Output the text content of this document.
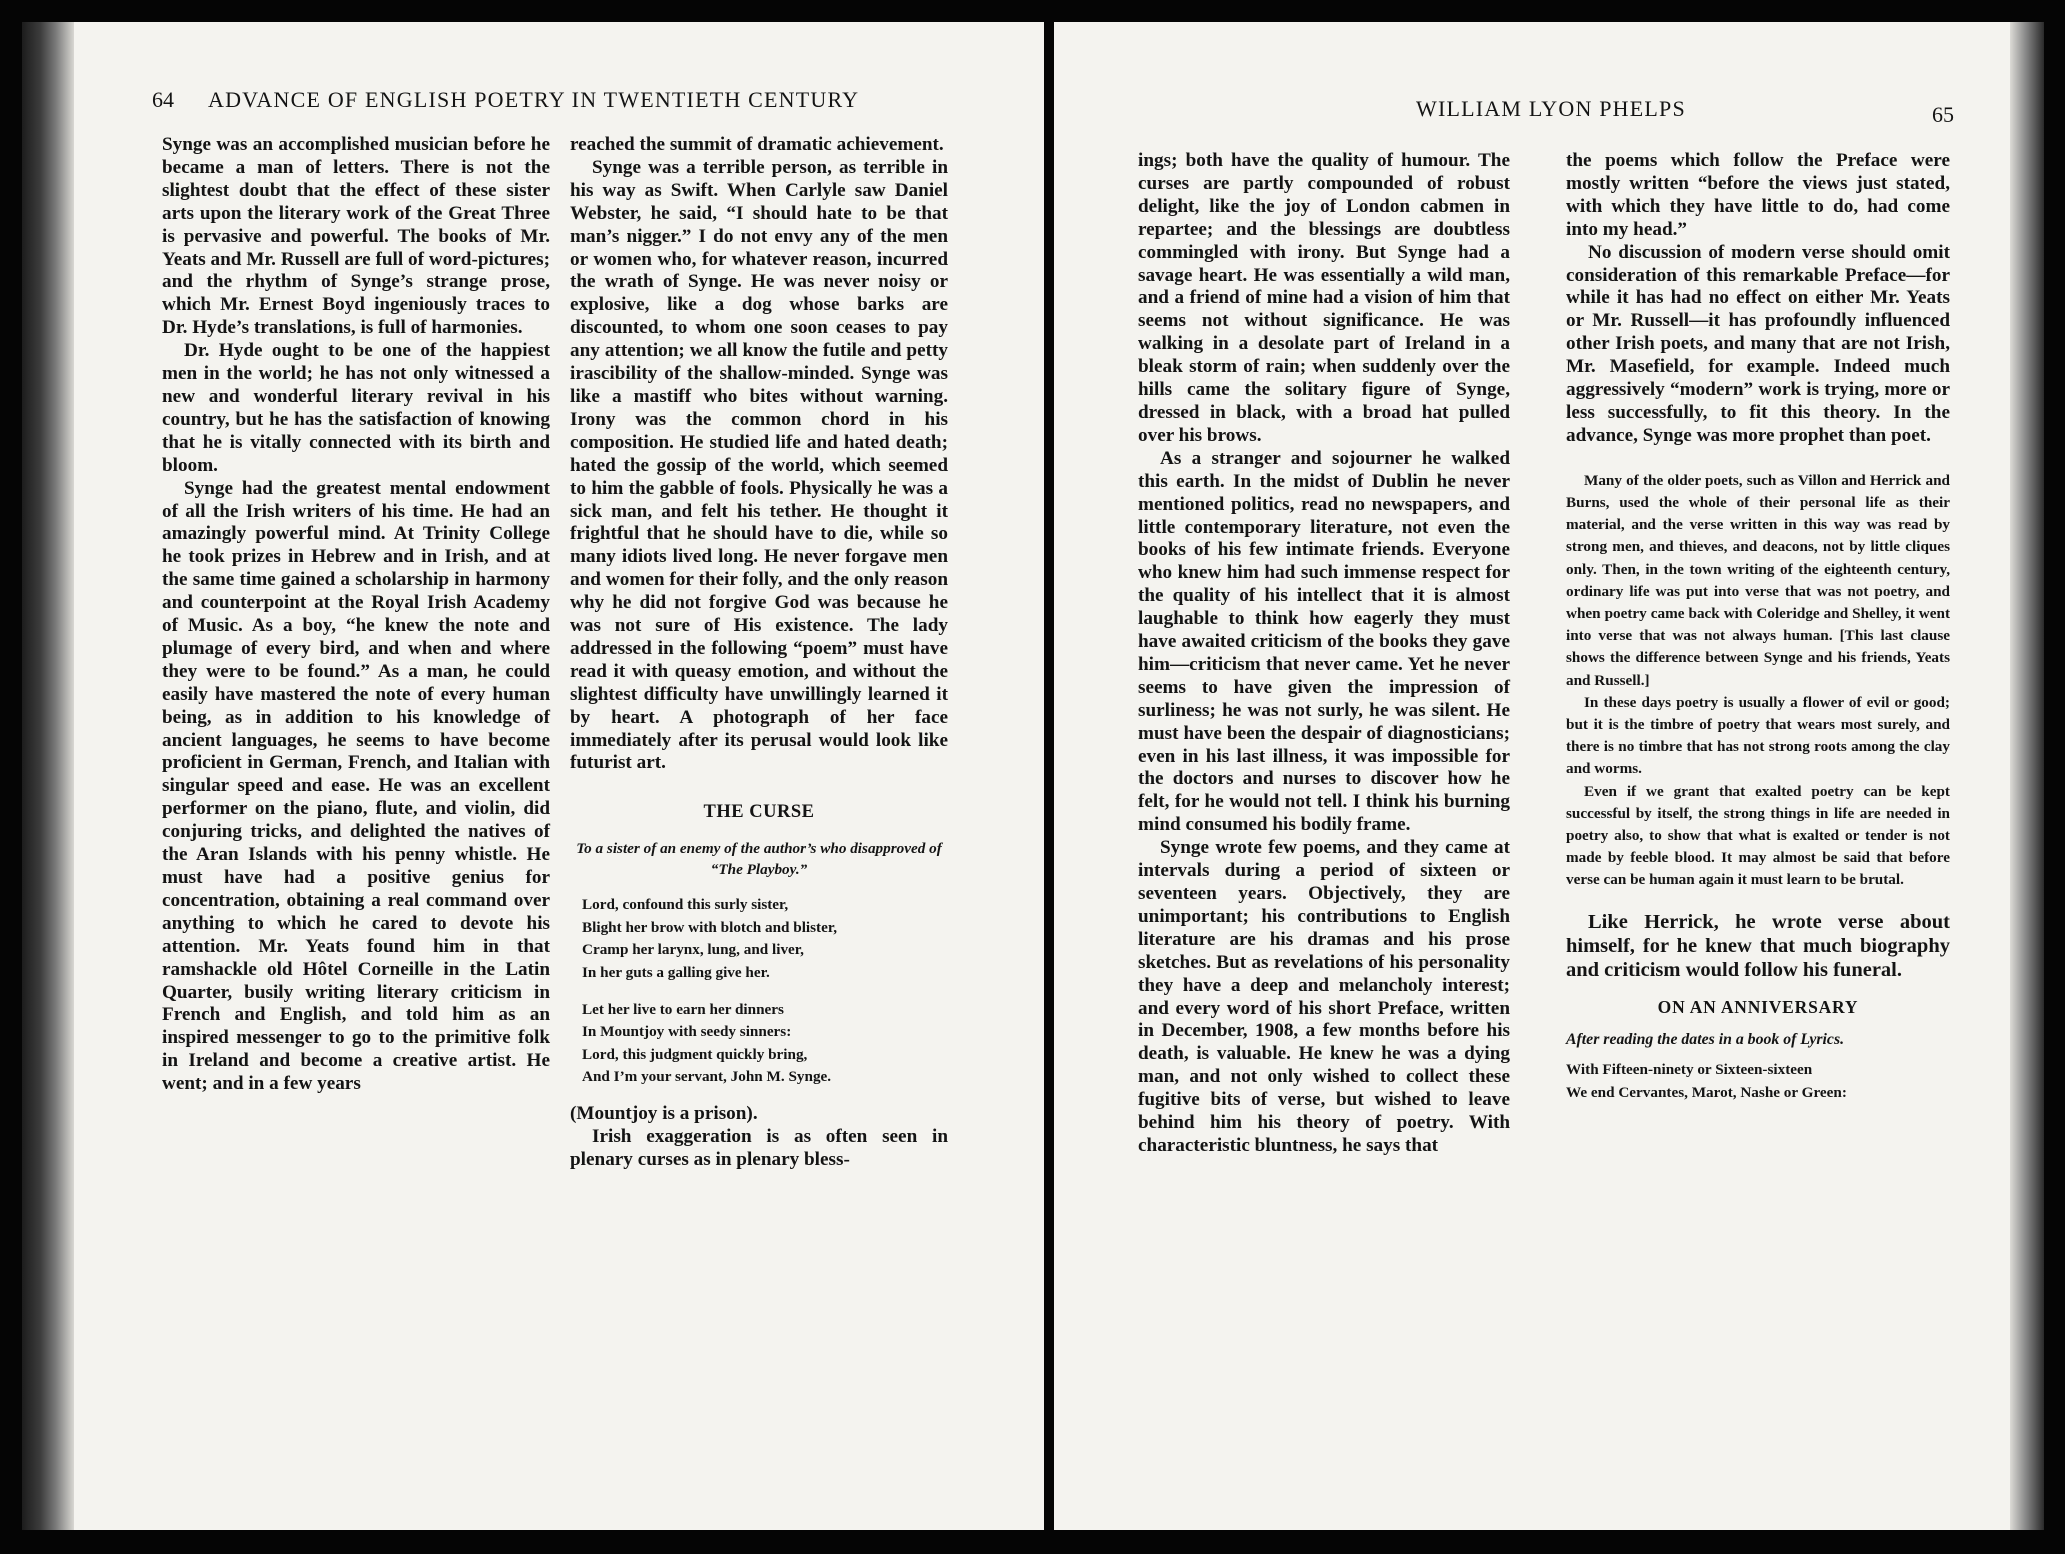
64 ADVANCE OF ENGLISH POETRY IN TWENTIETH CENTURY

Synge was an accomplished musician before he became a man of letters. There is not the slightest doubt that the effect of these sister arts upon the literary work of the Great Three is pervasive and powerful. The books of Mr. Yeats and Mr. Russell are full of word-pictures; and the rhythm of Synge’s strange prose, which Mr. Ernest Boyd ingeniously traces to Dr. Hyde’s translations, is full of harmonies.

Dr. Hyde ought to be one of the happiest men in the world; he has not only witnessed a new and wonderful literary revival in his country, but he has the satisfaction of knowing that he is vitally connected with its birth and bloom.

Synge had the greatest mental endowment of all the Irish writers of his time. He had an amazingly powerful mind. At Trinity College he took prizes in Hebrew and in Irish, and at the same time gained a scholarship in harmony and counterpoint at the Royal Irish Academy of Music. As a boy, “he knew the note and plumage of every bird, and when and where they were to be found.” As a man, he could easily have mastered the note of every human being, as in addition to his knowledge of ancient languages, he seems to have become proficient in German, French, and Italian with singular speed and ease. He was an excellent performer on the piano, flute, and violin, did conjuring tricks, and delighted the natives of the Aran Islands with his penny whistle. He must have had a positive genius for concentration, obtaining a real command over anything to which he cared to devote his attention. Mr. Yeats found him in that ramshackle old Hôtel Corneille in the Latin Quarter, busily writing literary criticism in French and English, and told him as an inspired messenger to go to the primitive folk in Ireland and become a creative artist. He went; and in a few years

reached the summit of dramatic achievement.

Synge was a terrible person, as terrible in his way as Swift. When Carlyle saw Daniel Webster, he said, “I should hate to be that man’s nigger.” I do not envy any of the men or women who, for whatever reason, incurred the wrath of Synge. He was never noisy or explosive, like a dog whose barks are discounted, to whom one soon ceases to pay any attention; we all know the futile and petty irascibility of the shallow-minded. Synge was like a mastiff who bites without warning. Irony was the common chord in his composition. He studied life and hated death; hated the gossip of the world, which seemed to him the gabble of fools. Physically he was a sick man, and felt his tether. He thought it frightful that he should have to die, while so many idiots lived long. He never forgave men and women for their folly, and the only reason why he did not forgive God was because he was not sure of His existence. The lady addressed in the following “poem” must have read it with queasy emotion, and without the slightest difficulty have unwillingly learned it by heart. A photograph of her face immediately after its perusal would look like futurist art.

THE CURSE
To a sister of an enemy of the author’s who disapproved of “The Playboy.”
Lord, confound this surly sister,
Blight her brow with blotch and blister,
Cramp her larynx, lung, and liver,
In her guts a galling give her.
Let her live to earn her dinners
In Mountjoy with seedy sinners:
Lord, this judgment quickly bring,
And I’m your servant, John M. Synge.

(Mountjoy is a prison).

Irish exaggeration is as often seen in plenary curses as in plenary bless-

WILLIAM LYON PHELPS	65

ings; both have the quality of humour. The curses are partly compounded of robust delight, like the joy of London cabmen in repartee; and the blessings are doubtless commingled with irony. But Synge had a savage heart. He was essentially a wild man, and a friend of mine had a vision of him that seems not without significance. He was walking in a desolate part of Ireland in a bleak storm of rain; when suddenly over the hills came the solitary figure of Synge, dressed in black, with a broad hat pulled over his brows.

As a stranger and sojourner he walked this earth. In the midst of Dublin he never mentioned politics, read no newspapers, and little contemporary literature, not even the books of his few intimate friends. Everyone who knew him had such immense respect for the quality of his intellect that it is almost laughable to think how eagerly they must have awaited criticism of the books they gave him—criticism that never came. Yet he never seems to have given the impression of surliness; he was not surly, he was silent. He must have been the despair of diagnosticians; even in his last illness, it was impossible for the doctors and nurses to discover how he felt, for he would not tell. I think his burning mind consumed his bodily frame.

Synge wrote few poems, and they came at intervals during a period of sixteen or seventeen years. Objectively, they are unimportant; his contributions to English literature are his dramas and his prose sketches. But as revelations of his personality they have a deep and melancholy interest; and every word of his short Preface, written in December, 1908, a few months before his death, is valuable. He knew he was a dying man, and not only wished to collect these fugitive bits of verse, but wished to leave behind him his theory of poetry. With characteristic bluntness, he says that

the poems which follow the Preface were mostly written “before the views just stated, with which they have little to do, had come into my head.”

No discussion of modern verse should omit consideration of this remarkable Preface—for while it has had no effect on either Mr. Yeats or Mr. Russell—it has profoundly influenced other Irish poets, and many that are not Irish, Mr. Masefield, for example. Indeed much aggressively “modern” work is trying, more or less successfully, to fit this theory. In the advance, Synge was more prophet than poet.

Many of the older poets, such as Villon and Herrick and Burns, used the whole of their personal life as their material, and the verse written in this way was read by strong men, and thieves, and deacons, not by little cliques only. Then, in the town writing of the eighteenth century, ordinary life was put into verse that was not poetry, and when poetry came back with Coleridge and Shelley, it went into verse that was not always human. [This last clause shows the difference between Synge and his friends, Yeats and Russell.]

In these days poetry is usually a flower of evil or good; but it is the timbre of poetry that wears most surely, and there is no timbre that has not strong roots among the clay and worms.

Even if we grant that exalted poetry can be kept successful by itself, the strong things in life are needed in poetry also, to show that what is exalted or tender is not made by feeble blood. It may almost be said that before verse can be human again it must learn to be brutal.

Like Herrick, he wrote verse about himself, for he knew that much biography and criticism would follow his funeral.

ON AN ANNIVERSARY
After reading the dates in a book of Lyrics.
With Fifteen-ninety or Sixteen-sixteen
We end Cervantes, Marot, Nashe or Green:
